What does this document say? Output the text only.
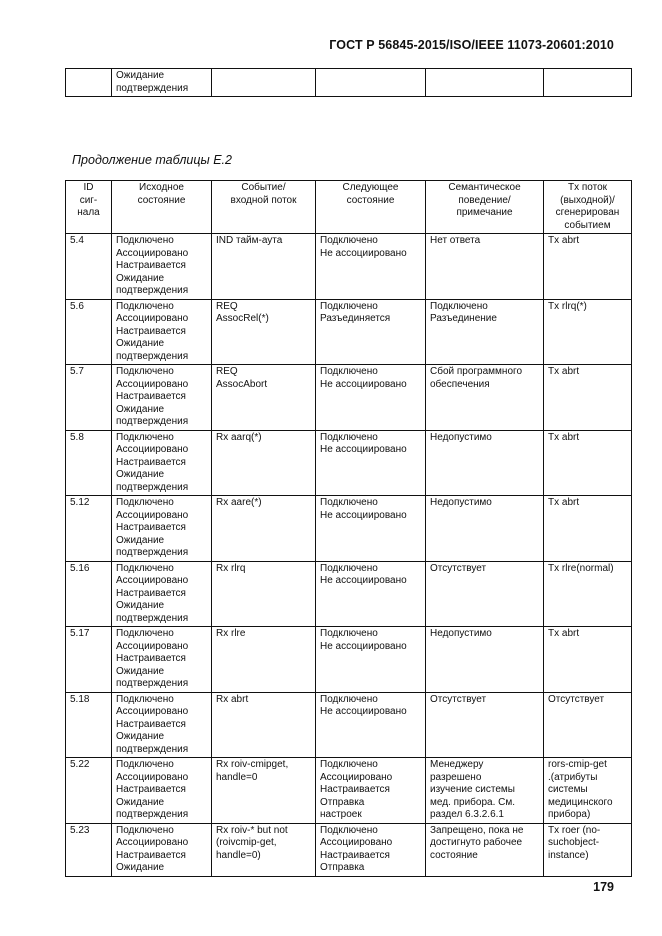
ГОСТ Р 56845-2015/ISO/IEEE 11073-20601:2010
	Ожидание
подтверждения				
Продолжение таблицы Е.2
ID
сиг-
нала	Исходное
состояние	Событие/
входной поток	Следующее
состояние	Семантическое
поведение/
примечание	Tx поток
(выходной)/
сгенерирован
событием
5.4	Подключено
Ассоциировано
Настраивается
Ожидание
подтверждения	IND тайм-аута	Подключено
Не ассоциировано	Нет ответа	Tx abrt
5.6	Подключено
Ассоциировано
Настраивается
Ожидание
подтверждения	REQ
AssocRel(*)	Подключено
Разъединяется	Подключено
Разъединение	Tx rlrq(*)
5.7	Подключено
Ассоциировано
Настраивается
Ожидание
подтверждения	REQ
AssocAbort	Подключено
Не ассоциировано	Сбой программного
обеспечения	Tx abrt
5.8	Подключено
Ассоциировано
Настраивается
Ожидание
подтверждения	Rx aarq(*)	Подключено
Не ассоциировано	Недопустимо	Tx abrt
5.12	Подключено
Ассоциировано
Настраивается
Ожидание
подтверждения	Rx aare(*)	Подключено
Не ассоциировано	Недопустимо	Tx abrt
5.16	Подключено
Ассоциировано
Настраивается
Ожидание
подтверждения	Rx rlrq	Подключено
Не ассоциировано	Отсутствует	Tx rlre(normal)
5.17	Подключено
Ассоциировано
Настраивается
Ожидание
подтверждения	Rx rlre	Подключено
Не ассоциировано	Недопустимо	Tx abrt
5.18	Подключено
Ассоциировано
Настраивается
Ожидание
подтверждения	Rx abrt	Подключено
Не ассоциировано	Отсутствует	Отсутствует
5.22	Подключено
Ассоциировано
Настраивается
Ожидание
подтверждения	Rx roiv-cmipget,
handle=0	Подключено
Ассоциировано
Настраивается
Отправка
настроек	Менеджеру
разрешено
изучение системы
мед. прибора. См.
раздел 6.3.2.6.1	rors-cmip-get
.(атрибуты
системы
медицинского
прибора)
5.23	Подключено
Ассоциировано
Настраивается
Ожидание	Rx roiv-* but not
(roivcmip-get,
handle=0)	Подключено
Ассоциировано
Настраивается
Отправка	Запрещено, пока не
достигнуто рабочее
состояние	Tx roer (no-
suchobject-
instance)
179
